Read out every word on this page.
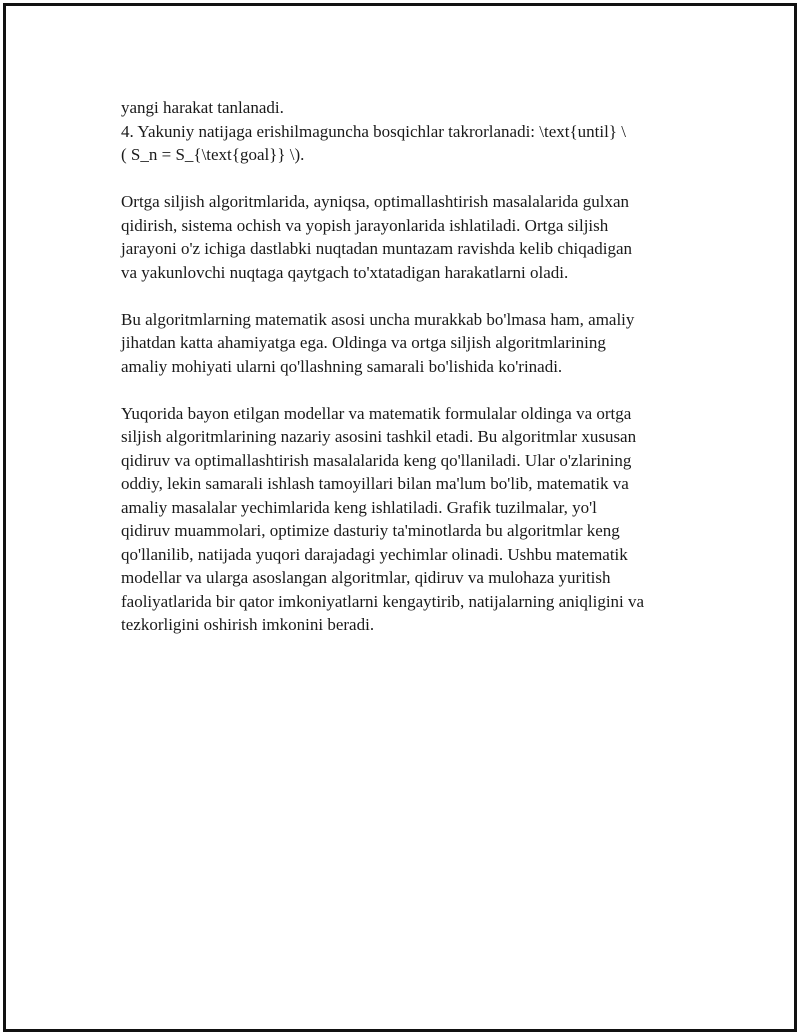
yangi harakat tanlanadi.
4. Yakuniy natijaga erishilmaguncha bosqichlar takrorlanadi: \text{until} \
( S_n = S_{\text{goal}} \).

Ortga siljish algoritmlarida, ayniqsa, optimallashtirish masalalarida gulxan
qidirish, sistema ochish va yopish jarayonlarida ishlatiladi. Ortga siljish
jarayoni o'z ichiga dastlabki nuqtadan muntazam ravishda kelib chiqadigan
va yakunlovchi nuqtaga qaytgach to'xtatadigan harakatlarni oladi.

Bu algoritmlarning matematik asosi uncha murakkab bo'lmasa ham, amaliy
jihatdan katta ahamiyatga ega. Oldinga va ortga siljish algoritmlarining
amaliy mohiyati ularni qo'llashning samarali bo'lishida ko'rinadi.

Yuqorida bayon etilgan modellar va matematik formulalar oldinga va ortga
siljish algoritmlarining nazariy asosini tashkil etadi. Bu algoritmlar xususan
qidiruv va optimallashtirish masalalarida keng qo'llaniladi. Ular o'zlarining
oddiy, lekin samarali ishlash tamoyillari bilan ma'lum bo'lib, matematik va
amaliy masalalar yechimlarida keng ishlatiladi. Grafik tuzilmalar, yo'l
qidiruv muammolari, optimize dasturiy ta'minotlarda bu algoritmlar keng
qo'llanilib, natijada yuqori darajadagi yechimlar olinadi. Ushbu matematik
modellar va ularga asoslangan algoritmlar, qidiruv va mulohaza yuritish
faoliyatlarida bir qator imkoniyatlarni kengaytirib, natijalarning aniqligini va
tezkorligini oshirish imkonini beradi.
